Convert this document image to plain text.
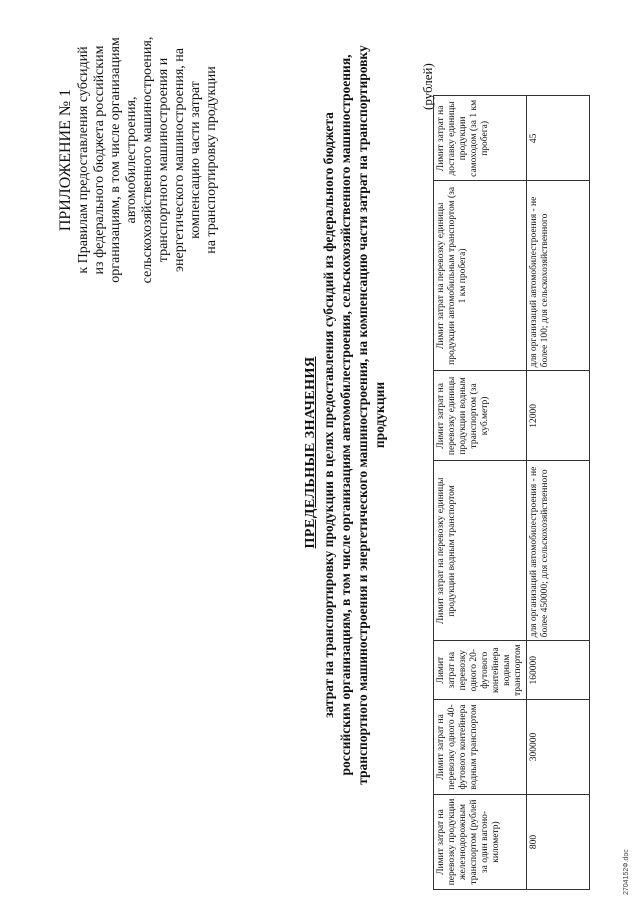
ПРИЛОЖЕНИЕ № 1 к Правилам предоставления субсидий из федерального бюджета российским организациям, в том числе организациям автомобилестроения, сельскохозяйственного машиностроения, транспортного машиностроения и энергетического машиностроения, на компенсацию части затрат на транспортировку продукции

ПРЕДЕЛЬНЫЕ ЗНАЧЕНИЯ затрат на транспортировку продукции в целях предоставления субсидий из федерального бюджета российским организациям, в том числе организациям автомобилестроения, сельскохозяйственного машиностроения, транспортного машиностроения и энергетического машиностроения, на компенсацию части затрат на транспортировку продукции

(рублей)
Лимит затрат на перевозку продукции железнодорожным транспортом (рублей за один вагоно-километр)	Лимит затрат на перевозку одного 40-футового контейнера водным транспортом	Лимит затрат на перевозку одного 20-футового контейнера водным транспортом	Лимит затрат на перевозку единицы продукции водным транспортом	Лимит затрат на перевозку единицы продукции водным транспортом (за куб.метр)	Лимит затрат на перевозку единицы продукции автомобильным транспортом (за 1 км пробега)	Лимит затрат на доставку единицы продукции самоходом (за 1 км пробега)
800	300000	160000	для организаций автомобилестроения - не более 450000; для сельскохозяйственного	12000	для организаций автомобилестроения - не более 100; для сельскохозяйственного	45
2704152Ф.doc
